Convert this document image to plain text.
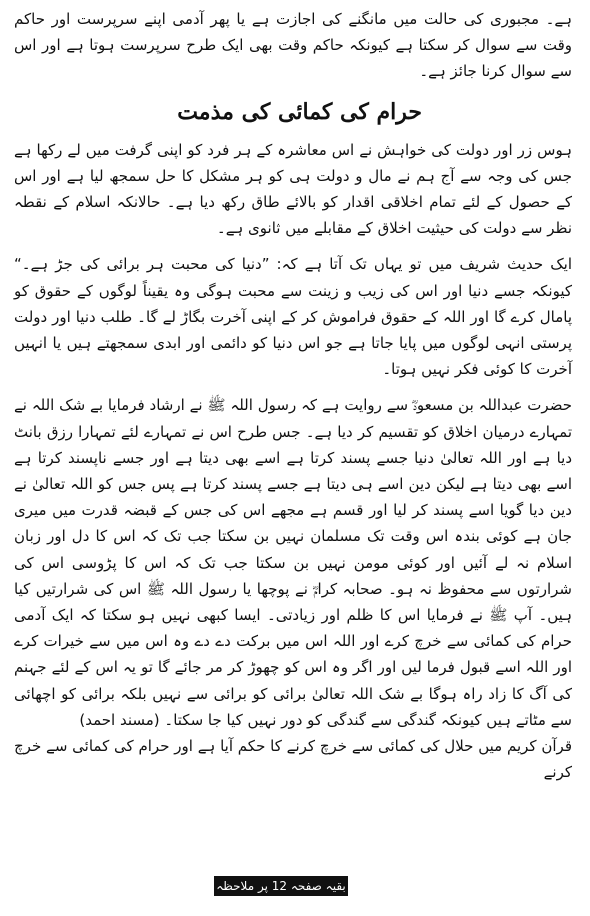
ہے۔ مجبوری کی حالت میں مانگنے کی اجازت ہے یا پھر آدمی اپنے سرپرست اور حاکم وقت سے سوال کر سکتا ہے کیونکہ حاکم وقت بھی ایک طرح سرپرست ہوتا ہے اور اس سے سوال کرنا جائز ہے۔

حرام کی کمائی کی مذمت

ہوس زر اور دولت کی خواہش نے اس معاشرہ کے ہر فرد کو اپنی گرفت میں لے رکھا ہے جس کی وجہ سے آج ہم نے مال و دولت ہی کو ہر مشکل کا حل سمجھ لیا ہے اور اس کے حصول کے لئے تمام اخلاقی اقدار کو بالائے طاق رکھ دیا ہے۔ حالانکہ اسلام کے نقطہ نظر سے دولت کی حیثیت اخلاق کے مقابلے میں ثانوی ہے۔

ایک حدیث شریف میں تو یہاں تک آتا ہے کہ: ”دنیا کی محبت ہر برائی کی جڑ ہے۔“ کیونکہ جسے دنیا اور اس کی زیب و زینت سے محبت ہوگی وہ یقیناً لوگوں کے حقوق کو پامال کرے گا اور اللہ کے حقوق فراموش کر کے اپنی آخرت بگاڑ لے گا۔ طلب دنیا اور دولت پرستی انہی لوگوں میں پایا جاتا ہے جو اس دنیا کو دائمی اور ابدی سمجھتے ہیں یا انہیں آخرت کا کوئی فکر نہیں ہوتا۔

حضرت عبداللہ بن مسعودؓ سے روایت ہے کہ رسول اللہ ﷺ نے ارشاد فرمایا بے شک اللہ نے تمہارے درمیان اخلاق کو تقسیم کر دیا ہے۔ جس طرح اس نے تمہارے لئے تمہارا رزق بانٹ دیا ہے اور اللہ تعالیٰ دنیا جسے پسند کرتا ہے اسے بھی دیتا ہے اور جسے ناپسند کرتا ہے اسے بھی دیتا ہے لیکن دین اسے ہی دیتا ہے جسے پسند کرتا ہے پس جس کو اللہ تعالیٰ نے دین دیا گویا اسے پسند کر لیا اور قسم ہے مجھے اس کی جس کے قبضہ قدرت میں میری جان ہے کوئی بندہ اس وقت تک مسلمان نہیں بن سکتا جب تک کہ اس کا دل اور زبان اسلام نہ لے آئیں اور کوئی مومن نہیں بن سکتا جب تک کہ اس کا پڑوسی اس کی شرارتوں سے محفوظ نہ ہو۔ صحابہ کرامؓ نے پوچھا یا رسول اللہ ﷺ اس کی شرارتیں کیا ہیں۔ آپ ﷺ نے فرمایا اس کا ظلم اور زیادتی۔ ایسا کبھی نہیں ہو سکتا کہ ایک آدمی حرام کی کمائی سے خرچ کرے اور اللہ اس میں برکت دے دے وہ اس میں سے خیرات کرے اور اللہ اسے قبول فرما لیں اور اگر وہ اس کو چھوڑ کر مر جائے گا تو یہ اس کے لئے جہنم کی آگ کا زاد راہ ہوگا بے شک اللہ تعالیٰ برائی کو برائی سے نہیں بلکہ برائی کو اچھائی سے مٹاتے ہیں کیونکہ گندگی سے گندگی کو دور نہیں کیا جا سکتا۔ (مسند احمد)

قرآن کریم میں حلال کی کمائی سے خرچ کرنے کا حکم آیا ہے اور حرام کی کمائی سے خرچ کرنے

بقیہ صفحہ 12 پر ملاحظہ کریں
